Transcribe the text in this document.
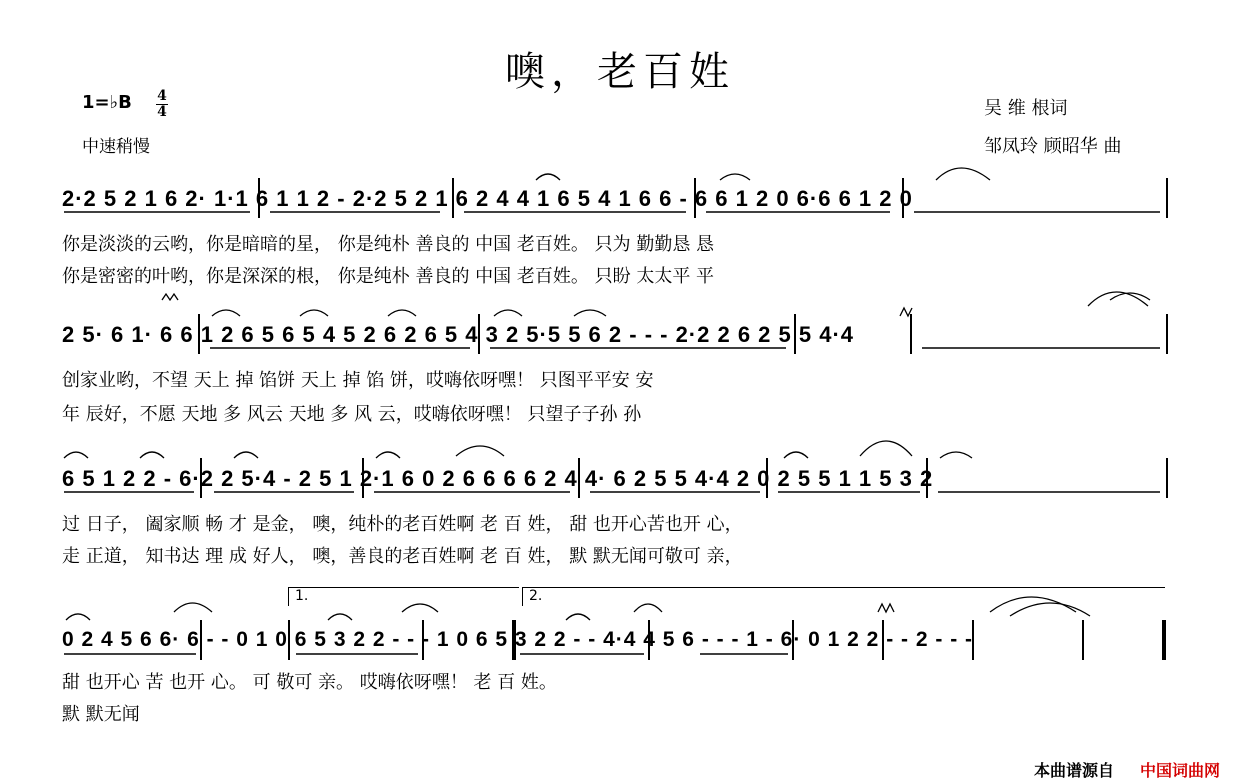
噢，老百姓
1=♭B 4
4
中速稍慢
吴 维 根词
邹凤玲 顾昭华 曲
2·2 5 2 1 6 2· 1·1 6 1 1 2 - 2·2 5 2 1 6 2 4 4 1 6 5 4 1 6 6 - 6 6 1 2 0 6·6 6 1 2 0
你是淡淡的云哟，你是暗暗的星， 你是纯朴 善良的 中国 老百姓。 只为 勤勤恳 恳
你是密密的叶哟，你是深深的根， 你是纯朴 善良的 中国 老百姓。 只盼 太太平 平
2 5· 6 1· 6 6 1 2 6 5 6 5 4 5 2 6 2 6 5 4 3 2 5·5 5 6 2 - - - 2·2 2 6 2 5 5 4·4
创家业哟，不望 天上 掉 馅饼 天上 掉 馅 饼，哎嗨依呀嘿！ 只图平平安 安
年 辰好，不愿 天地 多 风云 天地 多 风 云，哎嗨依呀嘿！ 只望子子孙 孙
6 5 1 2 2 - 6·2 2 5·4 - 2 5 1 2·1 6 0 2 6 6 6 6 2 4 4· 6 2 5 5 4·4 2 0 2 5 5 1 1 5 3 2
过 日子， 阖家顺 畅 才 是金， 噢，纯朴的老百姓啊 老 百 姓， 甜 也开心苦也开 心，
走 正道， 知书达 理 成 好人， 噢，善良的老百姓啊 老 百 姓， 默 默无闻可敬可 亲，
1.	2.
0 2 4 5 6 6· 6 - - 0 1 0 6 5 3 2 2 - - - 1 0 6 5 3 2 2 - - 4·4 4 5 6 - - - 1 - 6· 0 1 2 2 - - 2 - - -
甜 也开心 苦 也开 心。 可 敬可 亲。 哎嗨依呀嘿！ 老 百 姓。
默 默无闻
本曲谱源自 中国词曲网
